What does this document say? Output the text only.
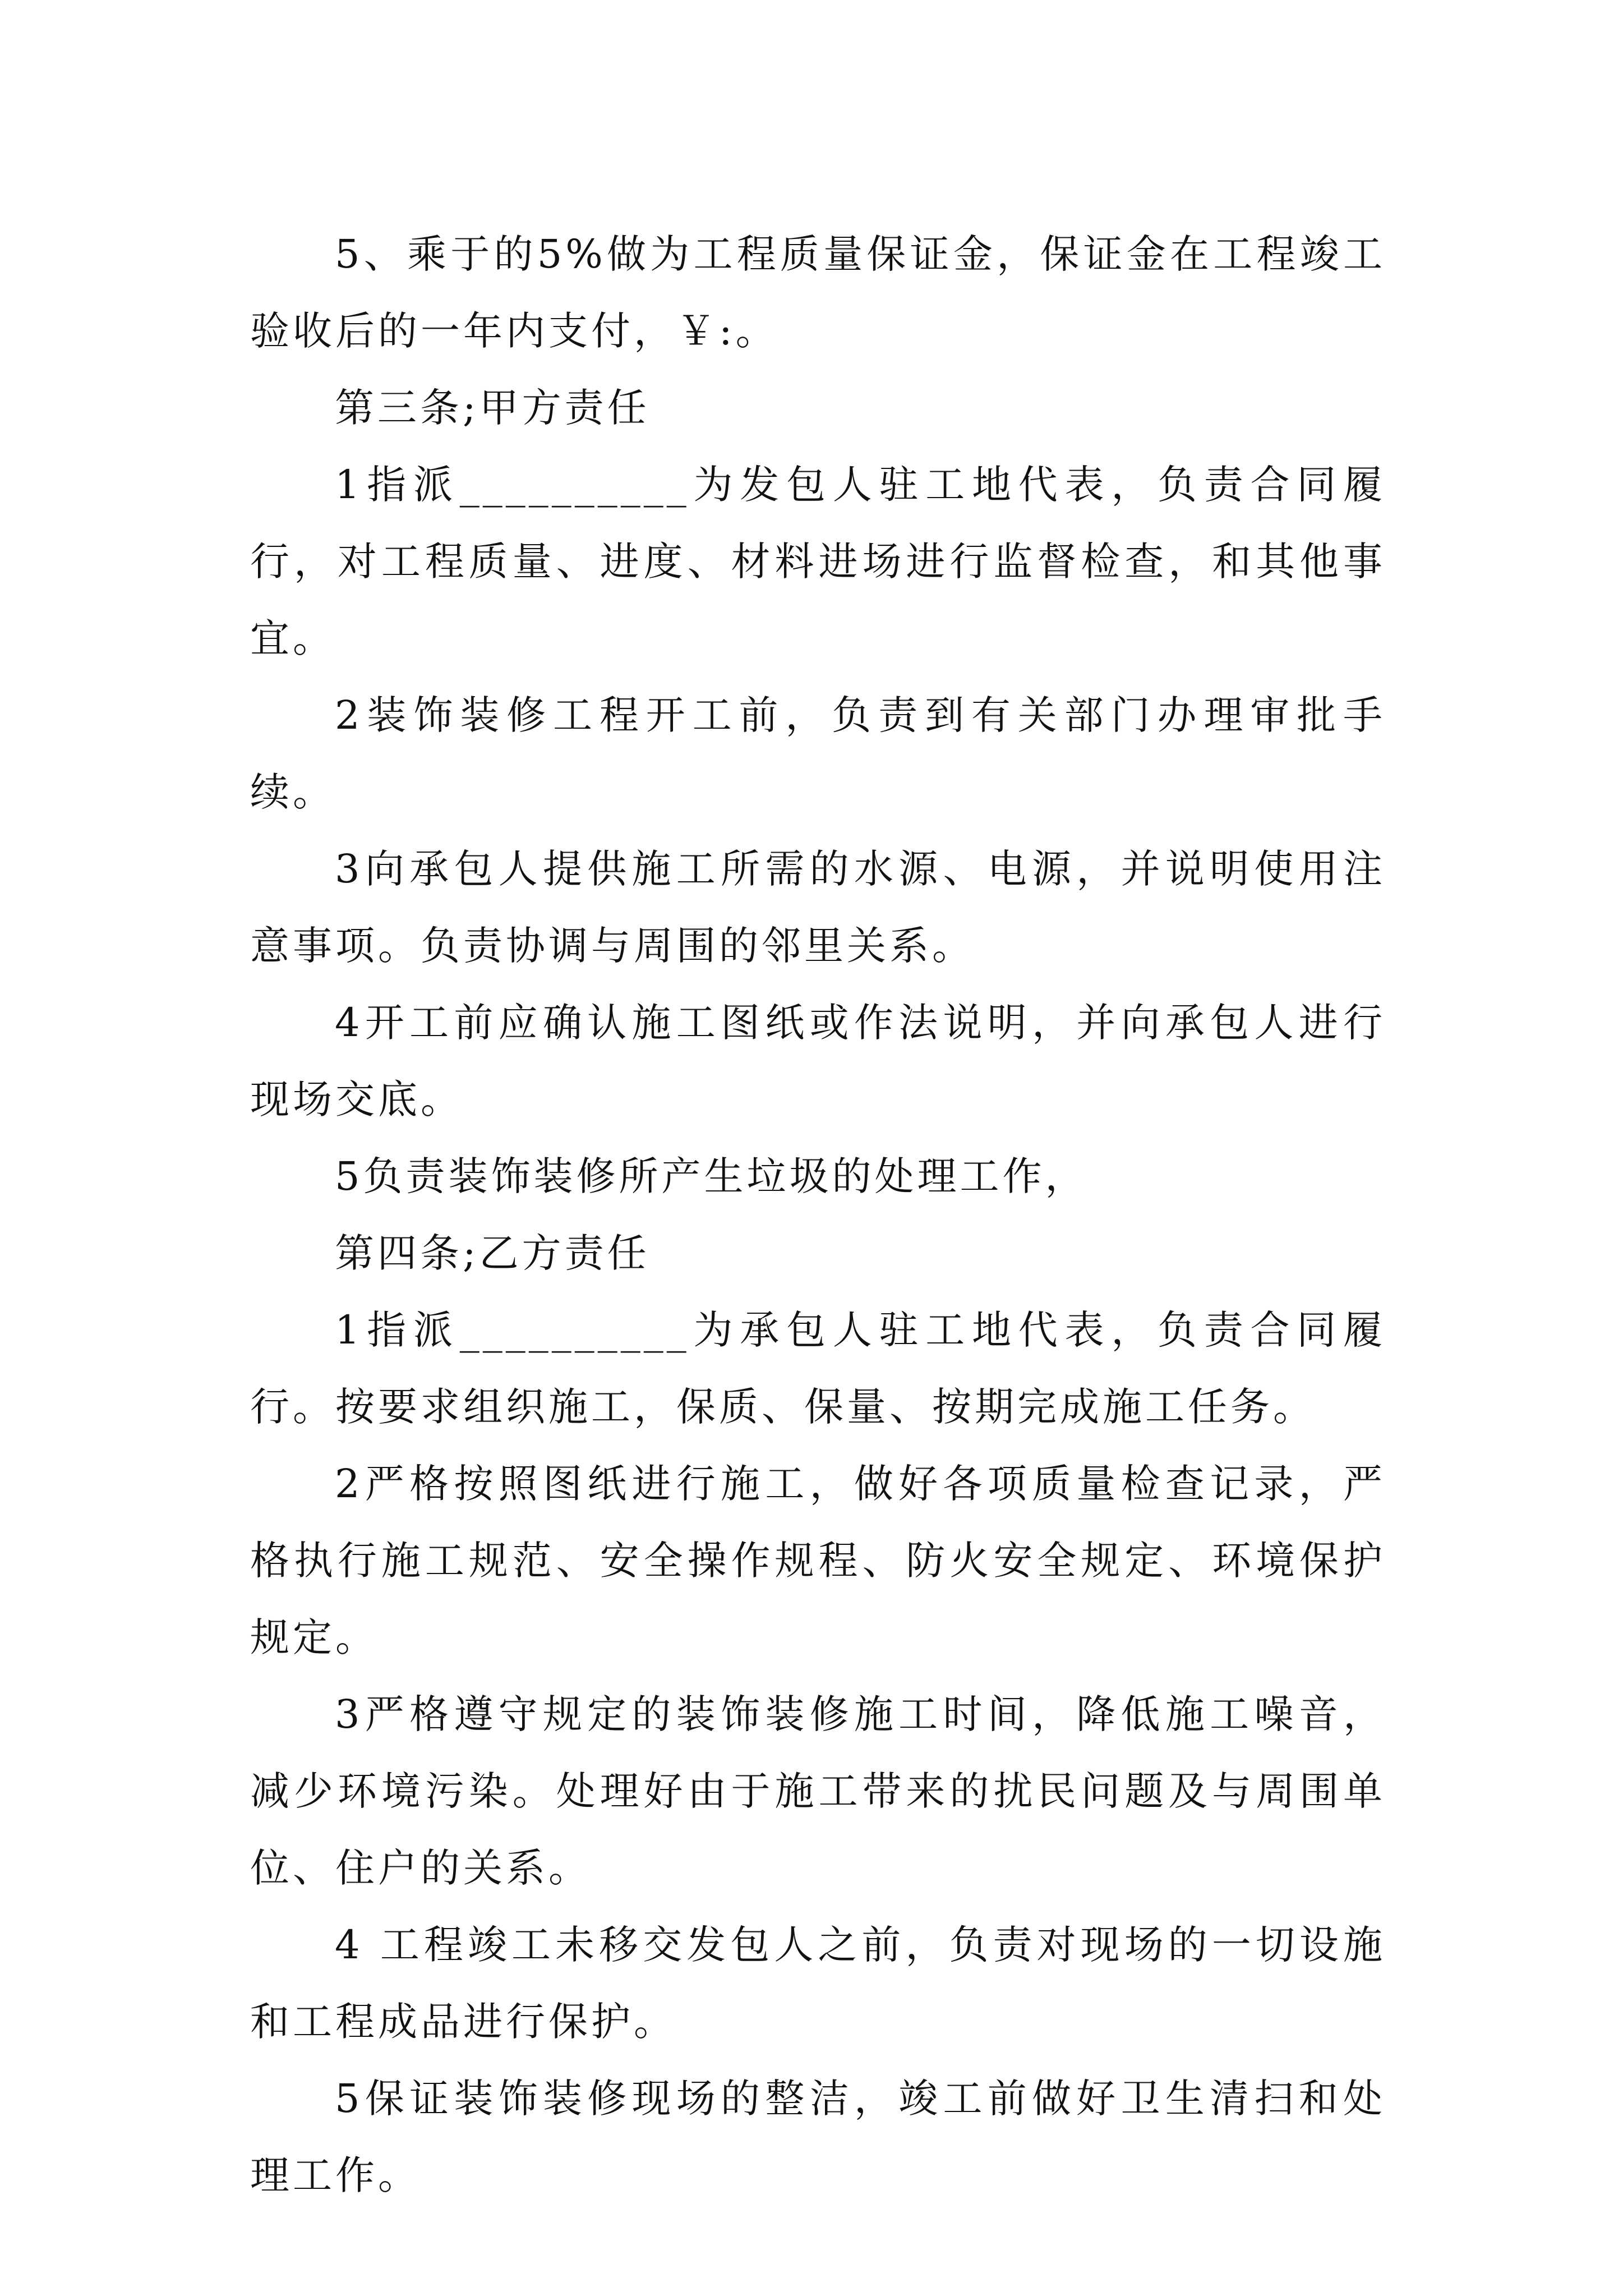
5、乘于的5%做为工程质量保证金，保证金在工程竣工验收后的一年内支付，￥:。

第三条;甲方责任

1指派__________为发包人驻工地代表，负责合同履行，对工程质量、进度、材料进场进行监督检查，和其他事宜。

2装饰装修工程开工前，负责到有关部门办理审批手续。

3向承包人提供施工所需的水源、电源，并说明使用注意事项。负责协调与周围的邻里关系。

4开工前应确认施工图纸或作法说明，并向承包人进行现场交底。

5负责装饰装修所产生垃圾的处理工作，

第四条;乙方责任

1指派__________为承包人驻工地代表，负责合同履行。按要求组织施工，保质、保量、按期完成施工任务。

2严格按照图纸进行施工，做好各项质量检查记录，严格执行施工规范、安全操作规程、防火安全规定、环境保护规定。

3严格遵守规定的装饰装修施工时间，降低施工噪音，减少环境污染。处理好由于施工带来的扰民问题及与周围单位、住户的关系。

4 工程竣工未移交发包人之前，负责对现场的一切设施和工程成品进行保护。

5保证装饰装修现场的整洁，竣工前做好卫生清扫和处理工作。
